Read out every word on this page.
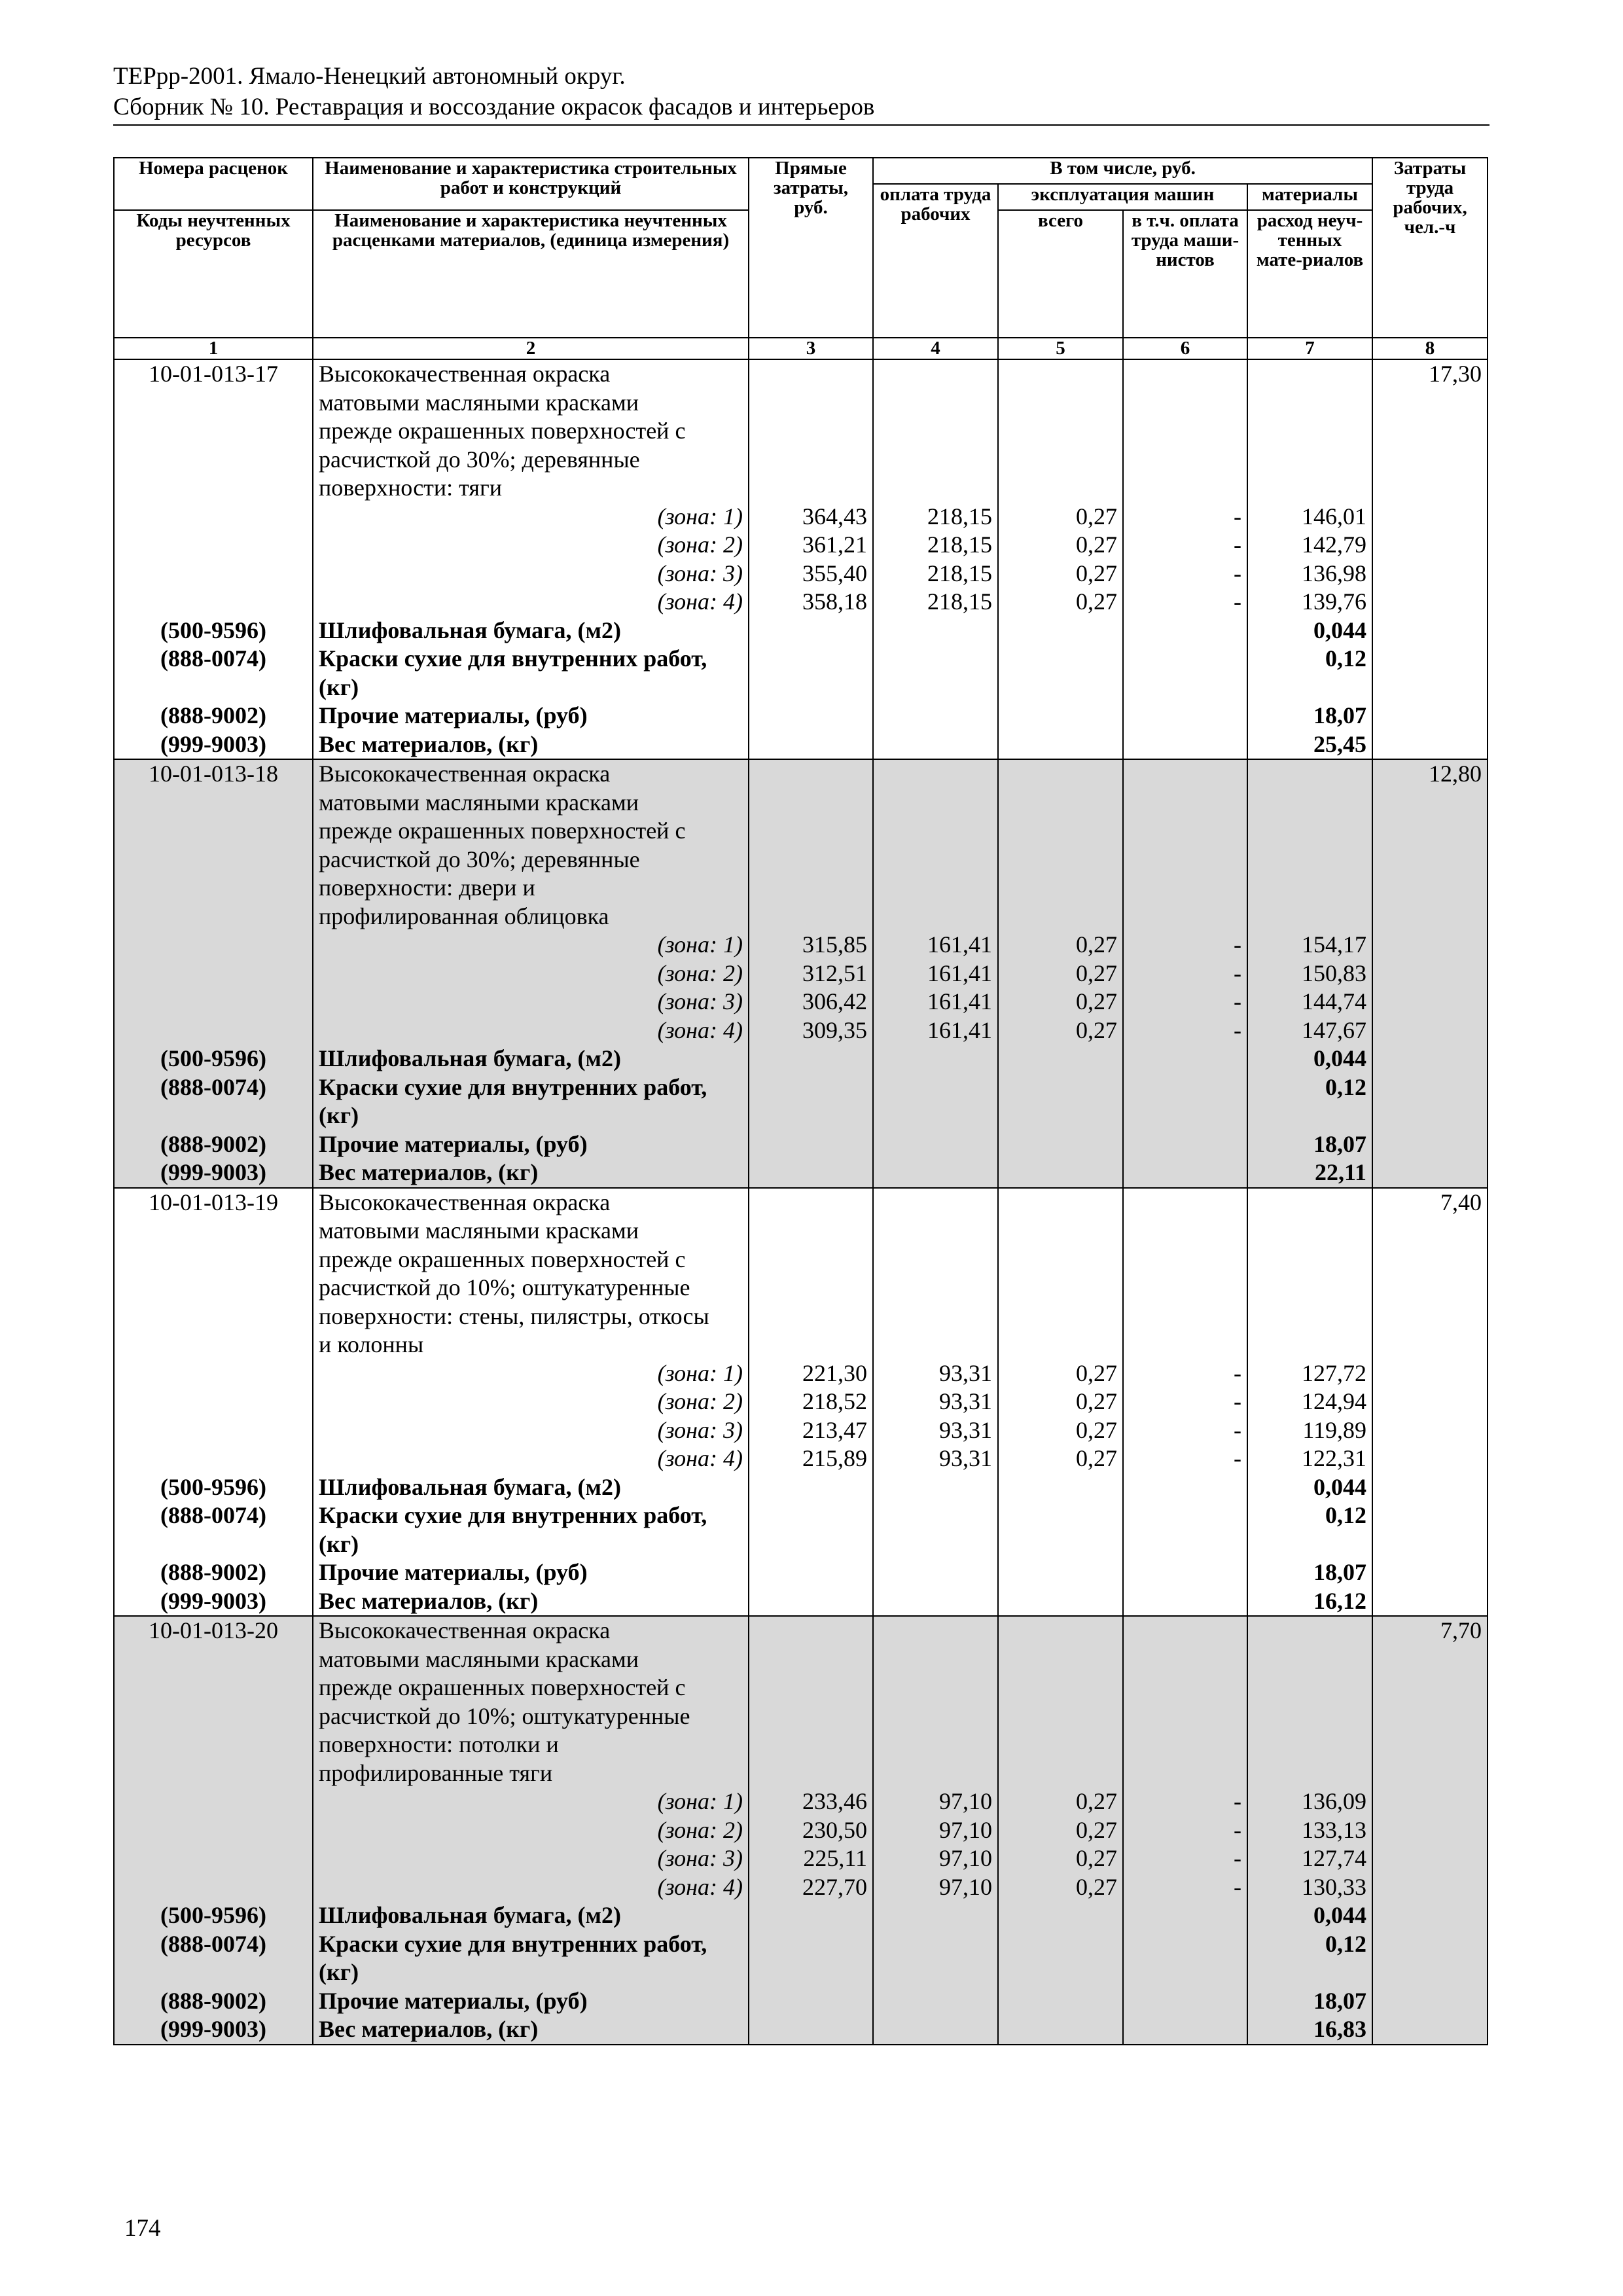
ТЕРрр-2001. Ямало-Ненецкий автономный округ.
Сборник № 10. Реставрация и воссоздание окрасок фасадов и интерьеров
Номера расценок	Наименование и характеристика строительных работ и конструкций	Прямые затраты, руб.	В том числе, руб.				Затраты труда рабочих, чел.-ч
			оплата труда рабочих	эксплуатация машин		материалы	
Коды неучтенных ресурсов	Наименование и характеристика неучтенных расценками материалов, (единица измерения)			всего	в т.ч. оплата труда маши-нистов	расход неуч-тенных мате-риалов	
1	2	3	4	5	6	7	8
10-01-013-17	Высококачественная окраска						17,30
	матовыми масляными красками						
	прежде окрашенных поверхностей с						
	расчисткой до 30%; деревянные						
	поверхности: тяги						
	(зона: 1)	364,43	218,15	0,27	-	146,01	
	(зона: 2)	361,21	218,15	0,27	-	142,79	
	(зона: 3)	355,40	218,15	0,27	-	136,98	
	(зона: 4)	358,18	218,15	0,27	-	139,76	
(500-9596)	Шлифовальная бумага, (м2)					0,044	
(888-0074)	Краски сухие для внутренних работ,					0,12	
	(кг)						
(888-9002)	Прочие материалы, (руб)					18,07	
(999-9003)	Вес материалов, (кг)					25,45	
10-01-013-18	Высококачественная окраска						12,80
	матовыми масляными красками						
	прежде окрашенных поверхностей с						
	расчисткой до 30%; деревянные						
	поверхности: двери и						
	профилированная облицовка						
	(зона: 1)	315,85	161,41	0,27	-	154,17	
	(зона: 2)	312,51	161,41	0,27	-	150,83	
	(зона: 3)	306,42	161,41	0,27	-	144,74	
	(зона: 4)	309,35	161,41	0,27	-	147,67	
(500-9596)	Шлифовальная бумага, (м2)					0,044	
(888-0074)	Краски сухие для внутренних работ,					0,12	
	(кг)						
(888-9002)	Прочие материалы, (руб)					18,07	
(999-9003)	Вес материалов, (кг)					22,11	
10-01-013-19	Высококачественная окраска						7,40
	матовыми масляными красками						
	прежде окрашенных поверхностей с						
	расчисткой до 10%; оштукатуренные						
	поверхности: стены, пилястры, откосы						
	и колонны						
	(зона: 1)	221,30	93,31	0,27	-	127,72	
	(зона: 2)	218,52	93,31	0,27	-	124,94	
	(зона: 3)	213,47	93,31	0,27	-	119,89	
	(зона: 4)	215,89	93,31	0,27	-	122,31	
(500-9596)	Шлифовальная бумага, (м2)					0,044	
(888-0074)	Краски сухие для внутренних работ,					0,12	
	(кг)						
(888-9002)	Прочие материалы, (руб)					18,07	
(999-9003)	Вес материалов, (кг)					16,12	
10-01-013-20	Высококачественная окраска						7,70
	матовыми масляными красками						
	прежде окрашенных поверхностей с						
	расчисткой до 10%; оштукатуренные						
	поверхности: потолки и						
	профилированные тяги						
	(зона: 1)	233,46	97,10	0,27	-	136,09	
	(зона: 2)	230,50	97,10	0,27	-	133,13	
	(зона: 3)	225,11	97,10	0,27	-	127,74	
	(зона: 4)	227,70	97,10	0,27	-	130,33	
(500-9596)	Шлифовальная бумага, (м2)					0,044	
(888-0074)	Краски сухие для внутренних работ,					0,12	
	(кг)						
(888-9002)	Прочие материалы, (руб)					18,07	
(999-9003)	Вес материалов, (кг)					16,83	
174
